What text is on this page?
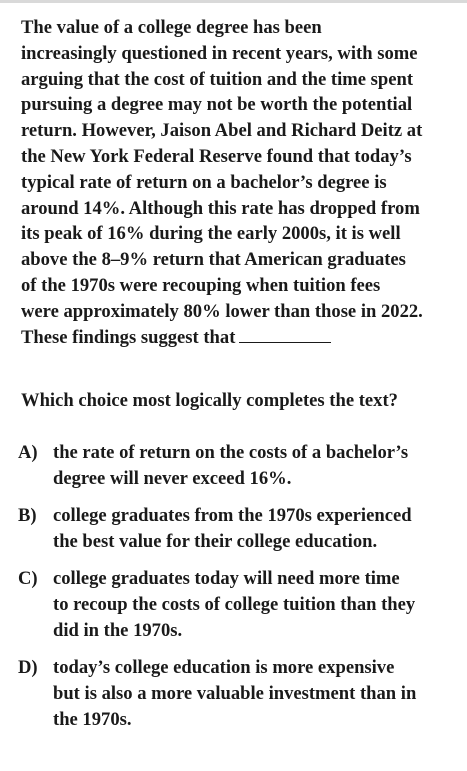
The value of a college degree has been
increasingly questioned in recent years, with some
arguing that the cost of tuition and the time spent
pursuing a degree may not be worth the potential
return. However, Jaison Abel and Richard Deitz at
the New York Federal Reserve found that today’s
typical rate of return on a bachelor’s degree is
around 14%. Although this rate has dropped from
its peak of 16% during the early 2000s, it is well
above the 8–9% return that American graduates
of the 1970s were recouping when tuition fees
were approximately 80% lower than those in 2022.
These findings suggest that
Which choice most logically completes the text?
A) the rate of return on the costs of a bachelor’s
degree will never exceed 16%.
B) college graduates from the 1970s experienced
the best value for their college education.
C) college graduates today will need more time
to recoup the costs of college tuition than they
did in the 1970s.
D) today’s college education is more expensive
but is also a more valuable investment than in
the 1970s.
